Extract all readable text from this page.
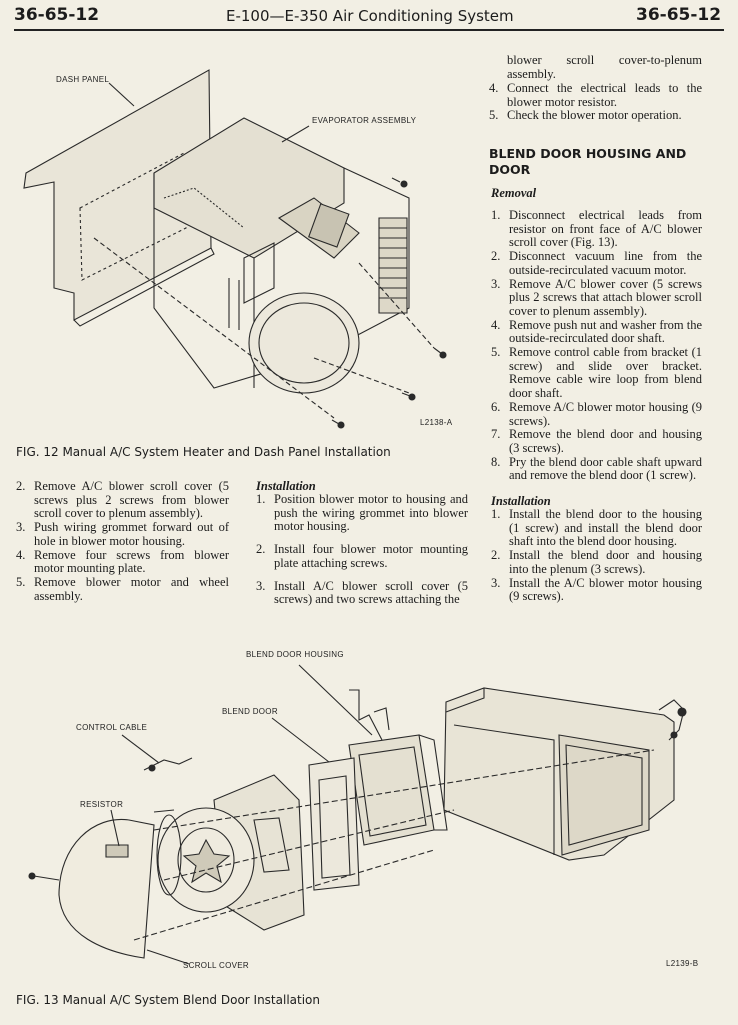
36-65-12	E-100—E-350 Air Conditioning System	36-65-12
DASH PANEL
EVAPORATOR ASSEMBLY
L2138-A
FIG. 12 Manual A/C System Heater and Dash Panel Installation
2. Remove A/C blower scroll cover (5 screws plus 2 screws from blower scroll cover to plenum assembly).
3. Push wiring grommet forward out of hole in blower motor housing.
4. Remove four screws from blower motor mounting plate.
5. Remove blower motor and wheel assembly.
Installation
1. Position blower motor to housing and push the wiring grommet into blower motor housing.
2. Install four blower motor mounting plate attaching screws.
3. Install A/C blower scroll cover (5 screws) and two screws attaching the
blower scroll cover-to-plenum assembly.
4. Connect the electrical leads to the blower motor resistor.
5. Check the blower motor operation.
BLEND DOOR HOUSING AND DOOR
Removal
1. Disconnect electrical leads from resistor on front face of A/C blower scroll cover (Fig. 13).
2. Disconnect vacuum line from the outside-recirculated vacuum motor.
3. Remove A/C blower cover (5 screws plus 2 screws that attach blower scroll cover to plenum assembly).
4. Remove push nut and washer from the outside-recirculated door shaft.
5. Remove control cable from bracket (1 screw) and slide over bracket. Remove cable wire loop from blend door shaft.
6. Remove A/C blower motor housing (9 screws).
7. Remove the blend door and housing (3 screws).
8. Pry the blend door cable shaft upward and remove the blend door (1 screw).
Installation
1. Install the blend door to the housing (1 screw) and install the blend door shaft into the blend door housing.
2. Install the blend door and housing into the plenum (3 screws).
3. Install the A/C blower motor housing (9 screws).
BLEND DOOR HOUSING
BLEND DOOR
CONTROL CABLE
RESISTOR
SCROLL COVER	L2139-B
FIG. 13 Manual A/C System Blend Door Installation
